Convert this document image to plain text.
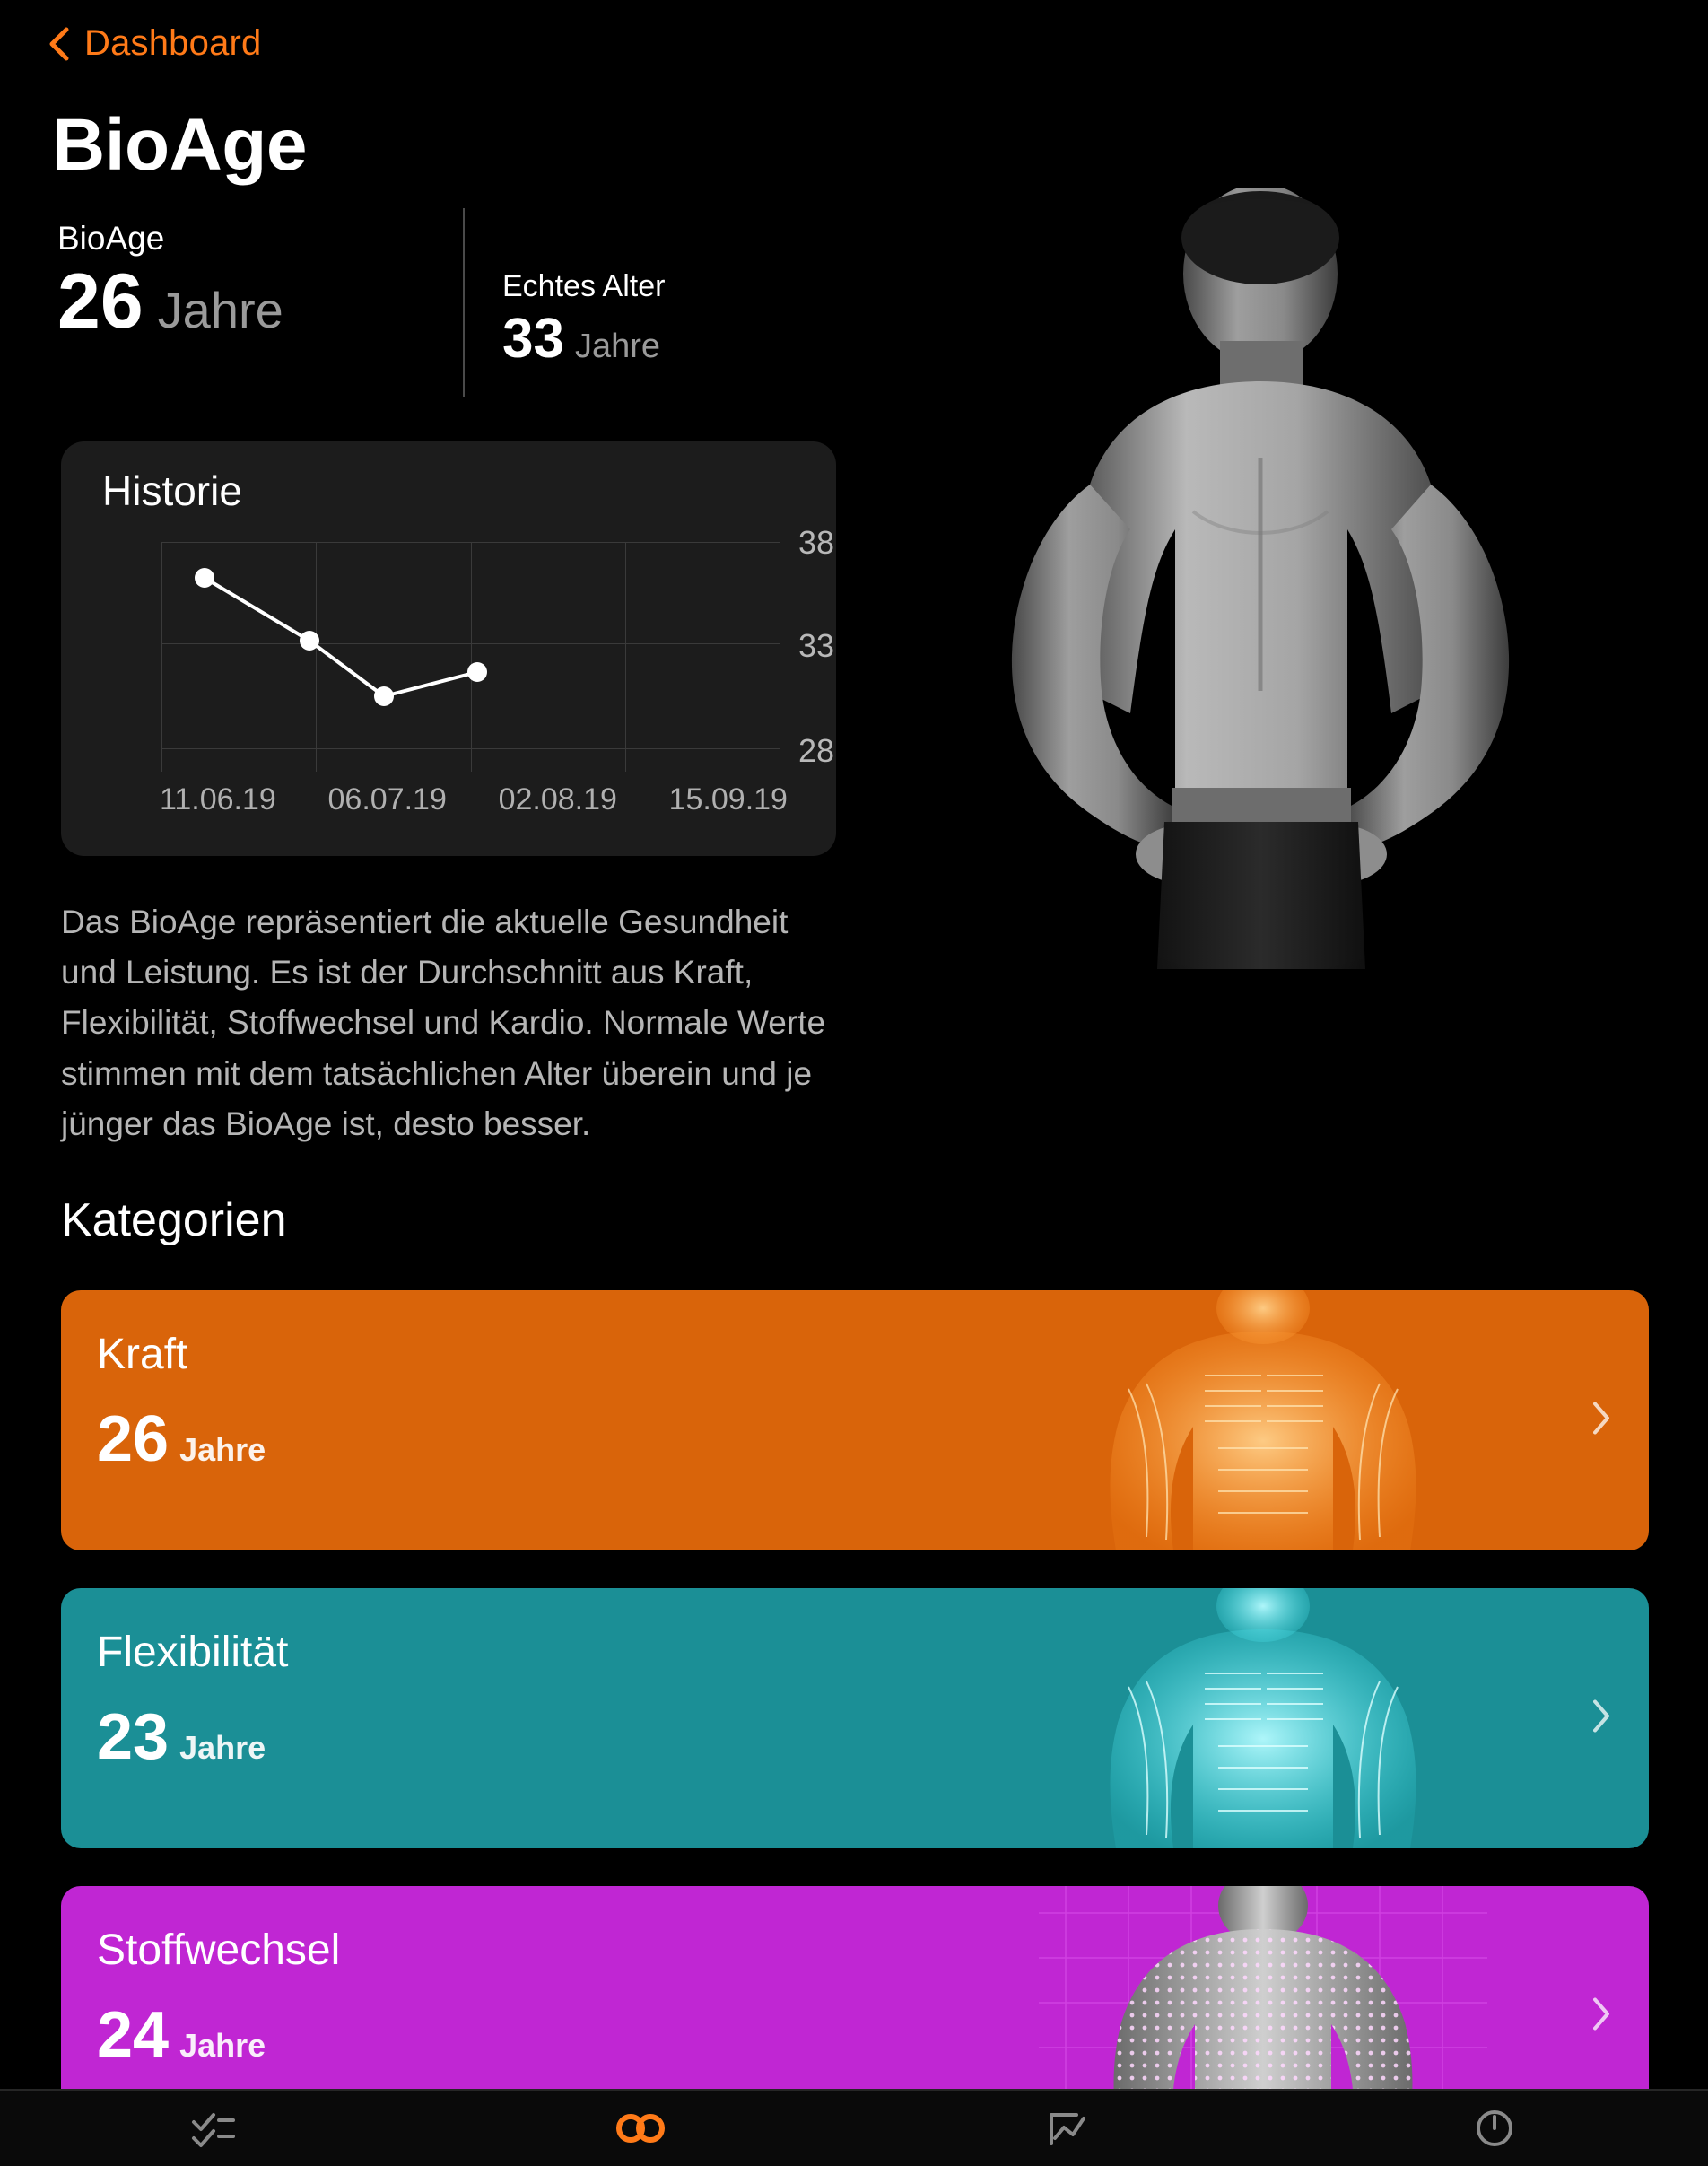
Dashboard
BioAge
BioAge
26 Jahre	Echtes Alter
33 Jahre
Historie
38
33
28
11.06.19 06.07.19 02.08.19 15.09.19
Das BioAge repräsentiert die aktuelle Gesundheit und Leistung. Es ist der Durchschnitt aus Kraft, Flexibilität, Stoffwechsel und Kardio. Normale Werte stimmen mit dem tatsächlichen Alter überein und je jünger das BioAge ist, desto besser.
Kategorien
Kraft
26 Jahre
Flexibilität
23 Jahre
Stoffwechsel
24 Jahre
